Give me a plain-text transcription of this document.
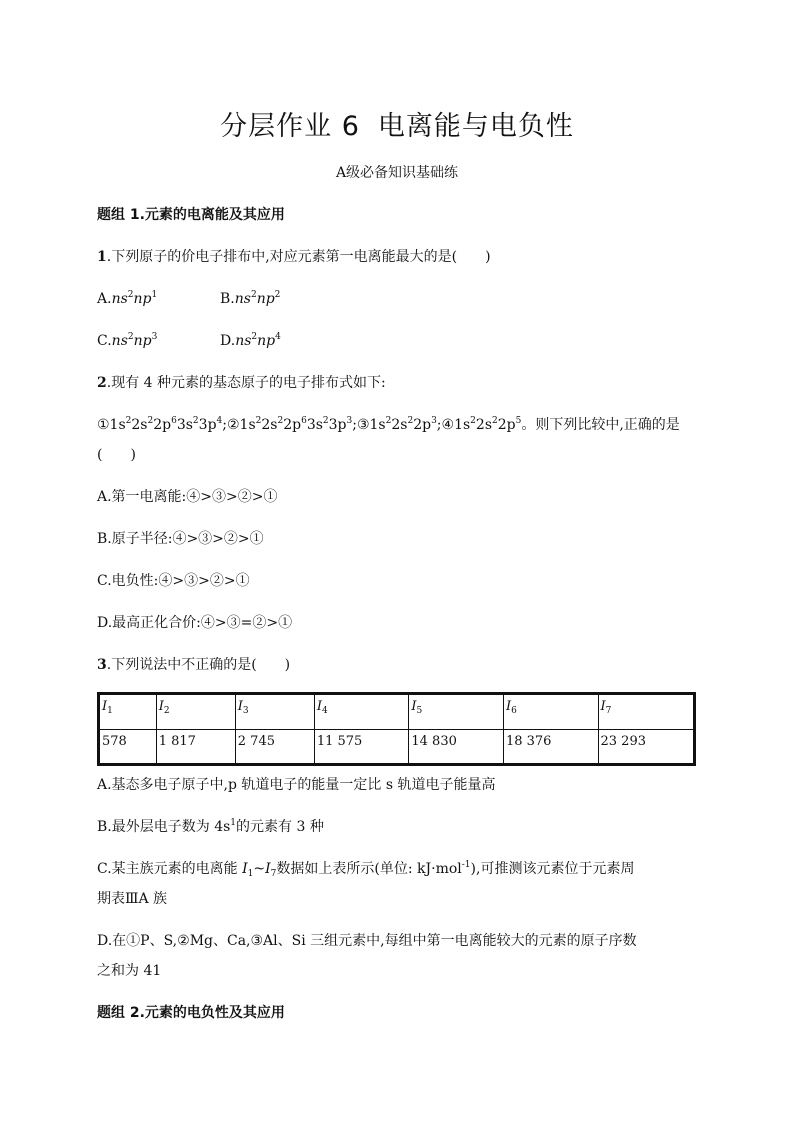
分层作业 6 电离能与电负性
A级必备知识基础练
题组 1.元素的电离能及其应用
1.下列原子的价电子排布中,对应元素第一电离能最大的是(　　)
$A.ns^2np^1$	$B.ns^2np^2$
$C.ns^2np^3$	$D.ns^2np^4$
2.现有 4 种元素的基态原子的电子排布式如下:
$①1s^22s^22p^63s^23p^4;②1s^22s^22p^63s^23p^3;③1s^22s^22p^3;④1s^22s^22p^5$。则下列比较中,正确的是
(　　)
A.第一电离能:④>③>②>①
B.原子半径:④>③>②>①
C.电负性:④>③>②>①
D.最高正化合价:④>③=②>①
3.下列说法中不正确的是(　　)
$I_1$	$I_2$	$I_3$	$I_4$	$I_5$	$I_6$	$I_7$
578	1 817	2 745	11 575	14 830	18 376	23 293
A.基态多电子原子中,p 轨道电子的能量一定比 s 轨道电子能量高
B.最外层电子数为 $4s^1$的元素有 3 种
C.某主族元素的电离能 $I_1\sim I_7$数据如上表所示(单位: kJ·mol$^{-1}$),可推测该元素位于元素周
期表ⅢA 族
D.在①P、S,②Mg、Ca,③Al、Si 三组元素中,每组中第一电离能较大的元素的原子序数
之和为 41
题组 2.元素的电负性及其应用
